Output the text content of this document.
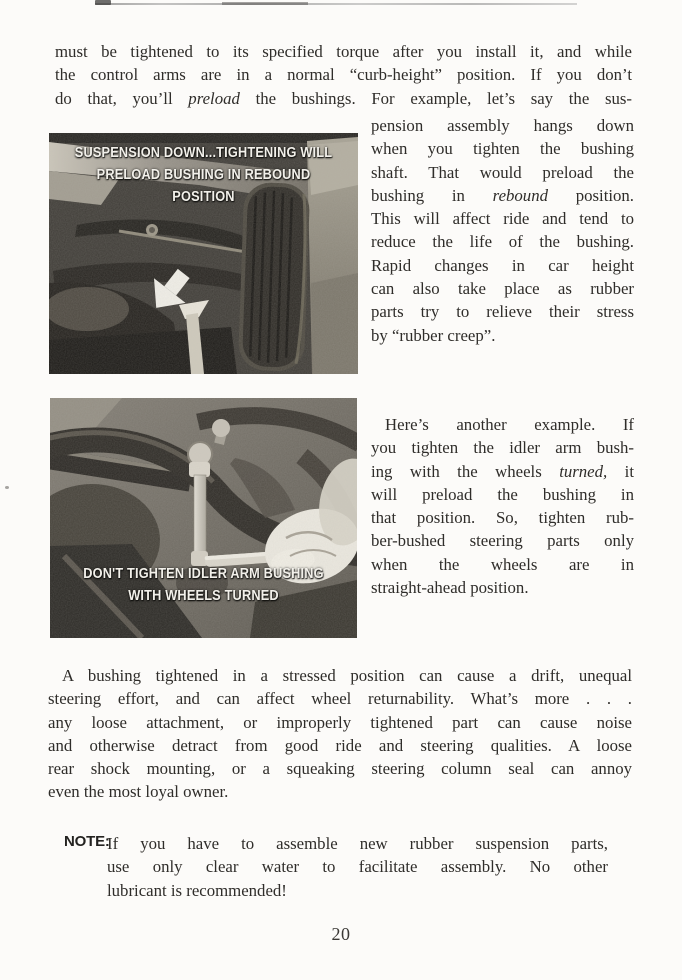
must be tightened to its specified torque after you install it, and while
the control arms are in a normal “curb-height” position. If you don’t
do that, you’ll preload the bushings. For example, let’s say the sus-
SUSPENSION DOWN...TIGHTENING WILL
PRELOAD BUSHING IN REBOUND POSITION
pension assembly hangs down
when you tighten the bushing
shaft. That would preload the
bushing in rebound position.
This will affect ride and tend to
reduce the life of the bushing.
Rapid changes in car height
can also take place as rubber
parts try to relieve their stress
by “rubber creep”.
DON'T TIGHTEN IDLER ARM BUSHING
WITH WHEELS TURNED
Here’s another example. If
you tighten the idler arm bush-
ing with the wheels turned, it
will preload the bushing in
that position. So, tighten rub-
ber-bushed steering parts only
when the wheels are in
straight-ahead position.
A bushing tightened in a stressed position can cause a drift, unequal
steering effort, and can affect wheel returnability. What’s more . . .
any loose attachment, or improperly tightened part can cause noise
and otherwise detract from good ride and steering qualities. A loose
rear shock mounting, or a squeaking steering column seal can annoy
even the most loyal owner.
NOTE:
If you have to assemble new rubber suspension parts,
use only clear water to facilitate assembly. No other
lubricant is recommended!
20
